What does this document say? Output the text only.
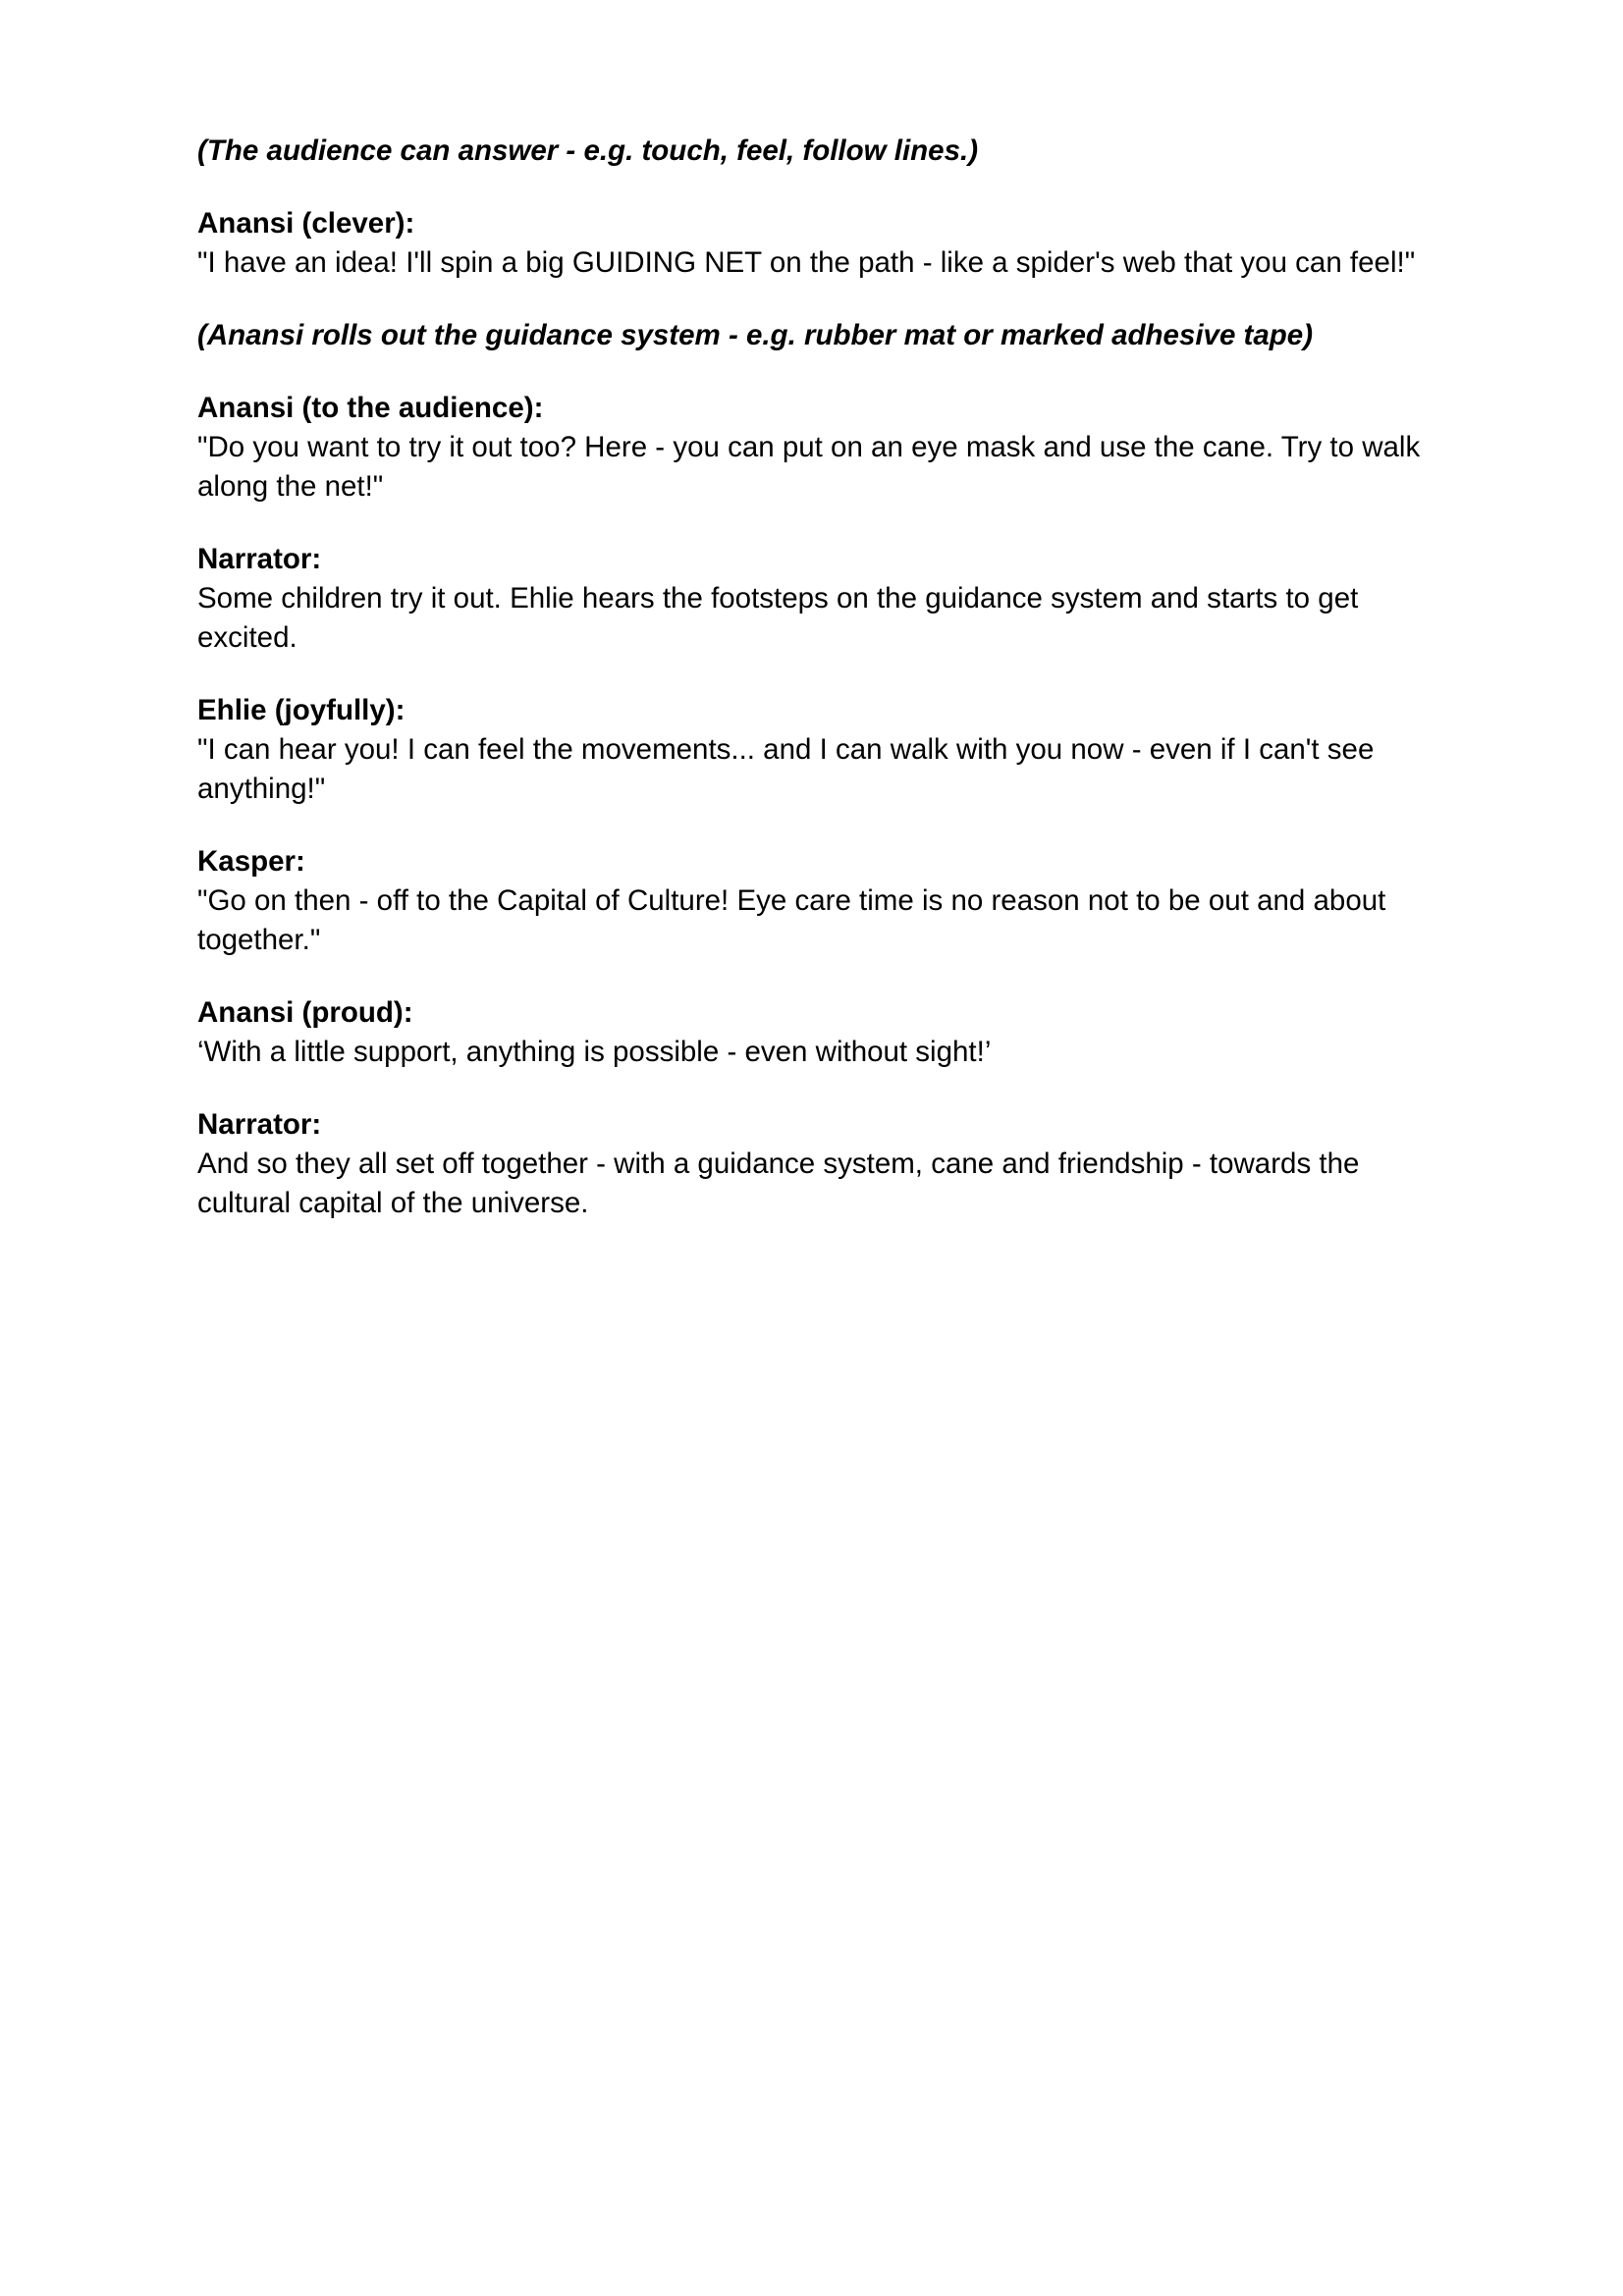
(The audience can answer - e.g. touch, feel, follow lines.)

Anansi (clever):
"I have an idea! I'll spin a big GUIDING NET on the path - like a spider's web that you can feel!"

(Anansi rolls out the guidance system - e.g. rubber mat or marked adhesive tape)

Anansi (to the audience):
"Do you want to try it out too? Here - you can put on an eye mask and use the cane. Try to walk along the net!"
Narrator:
Some children try it out. Ehlie hears the footsteps on the guidance system and starts to get excited.
Ehlie (joyfully):
"I can hear you! I can feel the movements... and I can walk with you now - even if I can't see anything!"
Kasper:
"Go on then - off to the Capital of Culture! Eye care time is no reason not to be out and about together."
Anansi (proud):
‘With a little support, anything is possible - even without sight!’
Narrator:
And so they all set off together - with a guidance system, cane and friendship - towards the cultural capital of the universe.
